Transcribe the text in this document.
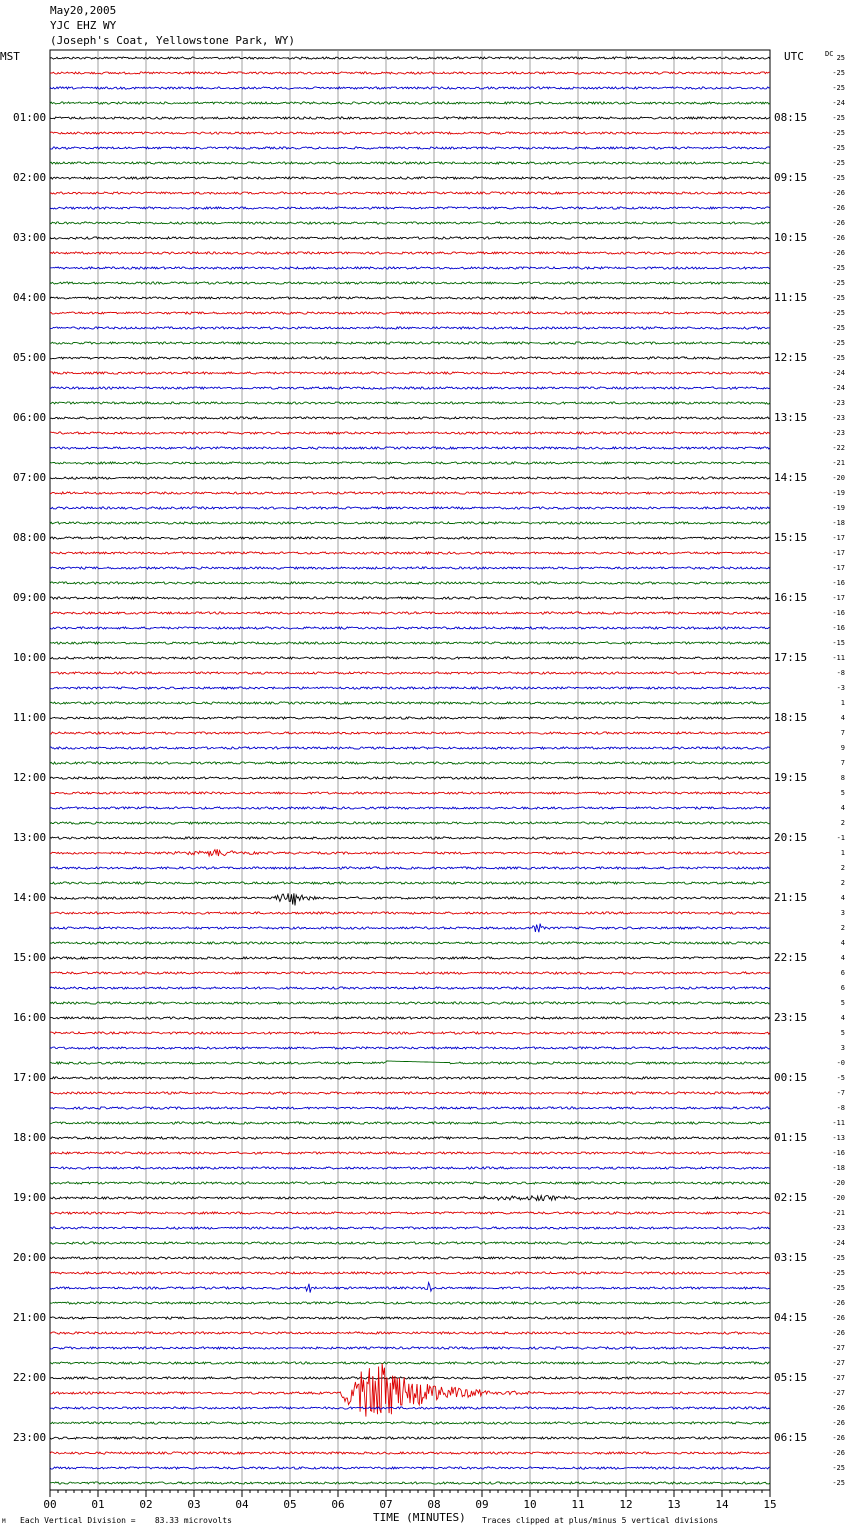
May20,2005
YJC EHZ WY
(Joseph's Coat, Yellowstone Park, WY)
MST	UTC	DC
01:00
02:00
03:00
04:00
05:00
06:00
07:00
08:00
09:00
10:00
11:00
12:00
13:00
14:00
15:00
16:00
17:00
18:00
19:00
20:00
21:00
22:00
23:00
08:15
09:15
10:15
11:15
12:15
13:15
14:15
15:15
16:15
17:15
18:15
19:15
20:15
21:15
22:15
23:15
00:15
01:15
02:15
03:15
04:15
05:15
06:15
25
-25
-25
-24
-25
-25
-25
-25
-25
-26
-26
-26
-26
-26
-25
-25
-25
-25
-25
-25
-25
-24
-24
-23
-23
-23
-22
-21
-20
-19
-19
-18
-17
-17
-17
-16
-17
-16
-16
-15
-11
-8
-3
1
4
7
9
7
8
5
4
2
-1
1
2
2
4
3
2
4
4
6
6
5
4
5
3
-0
-5
-7
-8
-11
-13
-16
-18
-20
-20
-21
-23
-24
-25
-25
-25
-26
-26
-26
-27
-27
-27
-27
-26
-26
-26
-26
-25
-25
00	01	02	03	04	05	06	07	08	09	10	11	12	13	14	15
M Each Vertical Division =    83.33 microvolts	TIME (MINUTES) Traces clipped at plus/minus 5 vertical divisions
